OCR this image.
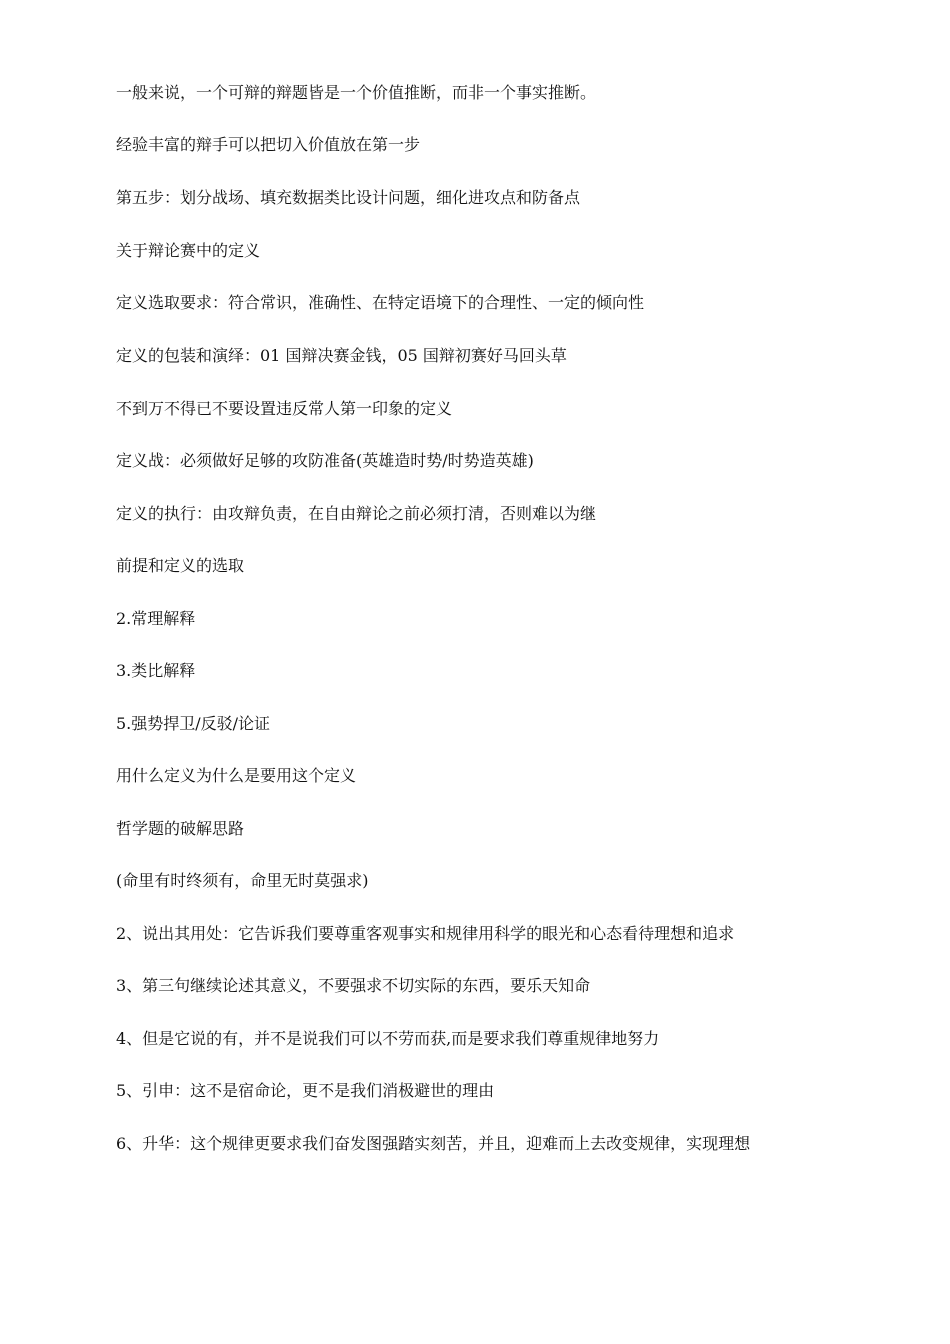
一般来说，一个可辩的辩题皆是一个价值推断，而非一个事实推断。

经验丰富的辩手可以把切入价值放在第一步

第五步：划分战场、填充数据类比设计问题，细化进攻点和防备点

关于辩论赛中的定义

定义选取要求：符合常识，准确性、在特定语境下的合理性、一定的倾向性

定义的包装和演绎：01 国辩决赛金钱，05 国辩初赛好马回头草

不到万不得已不要设置违反常人第一印象的定义

定义战：必须做好足够的攻防准备(英雄造时势/时势造英雄)

定义的执行：由攻辩负责，在自由辩论之前必须打清，否则难以为继

前提和定义的选取

2.常理解释

3.类比解释

5.强势捍卫/反驳/论证

用什么定义为什么是要用这个定义

哲学题的破解思路

(命里有时终须有，命里无时莫强求)

2、说出其用处：它告诉我们要尊重客观事实和规律用科学的眼光和心态看待理想和追求

3、第三句继续论述其意义，不要强求不切实际的东西，要乐天知命

4、但是它说的有，并不是说我们可以不劳而获,而是要求我们尊重规律地努力

5、引申：这不是宿命论，更不是我们消极避世的理由

6、升华：这个规律更要求我们奋发图强踏实刻苦，并且，迎难而上去改变规律，实现理想
